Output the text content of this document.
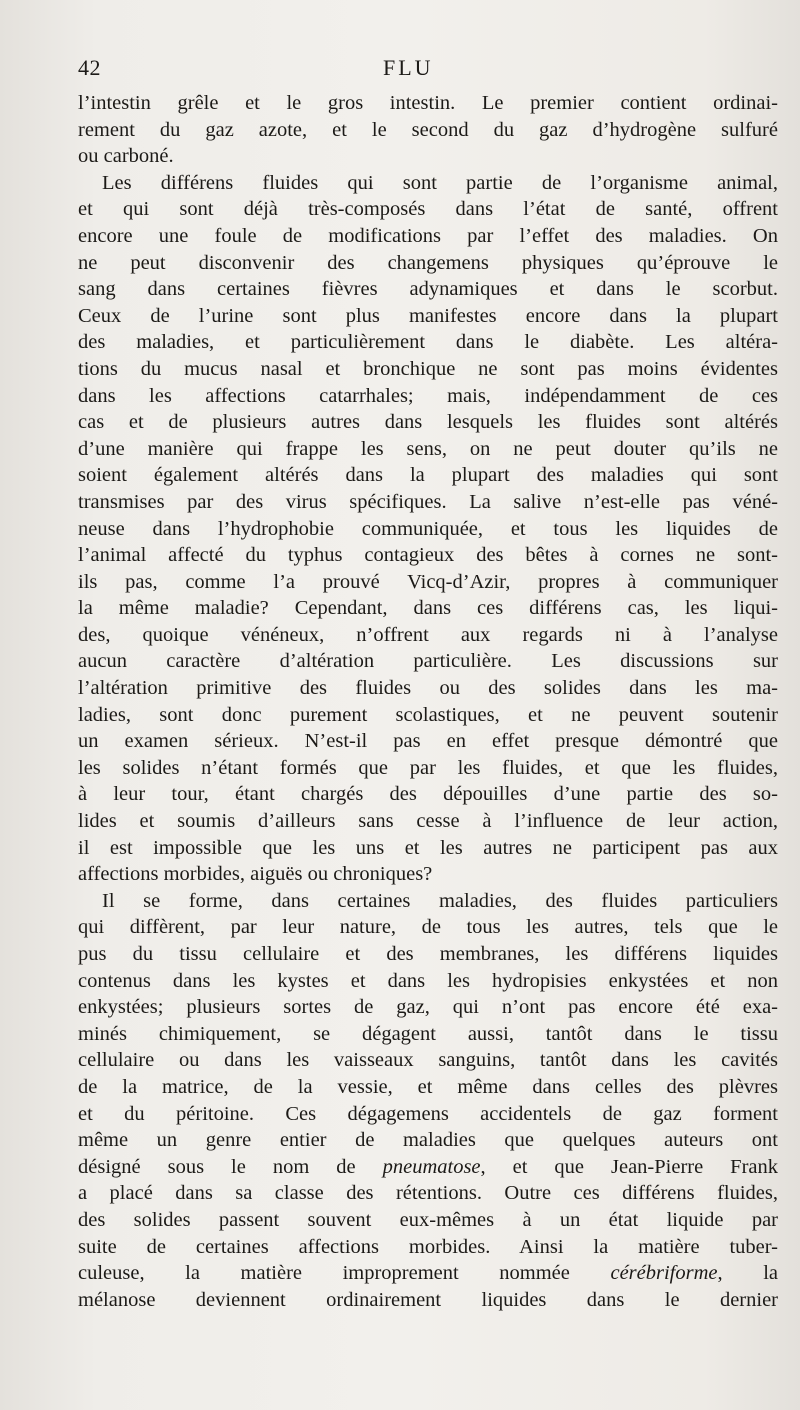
42	FLU
l’intestin grêle et le gros intestin. Le premier contient ordinai-
rement du gaz azote, et le second du gaz d’hydrogène sulfuré
ou carboné.
Les différens fluides qui sont partie de l’organisme animal,
et qui sont déjà très-composés dans l’état de santé, offrent
encore une foule de modifications par l’effet des maladies. On
ne peut disconvenir des changemens physiques qu’éprouve le
sang dans certaines fièvres adynamiques et dans le scorbut.
Ceux de l’urine sont plus manifestes encore dans la plupart
des maladies, et particulièrement dans le diabète. Les altéra-
tions du mucus nasal et bronchique ne sont pas moins évidentes
dans les affections catarrhales; mais, indépendamment de ces
cas et de plusieurs autres dans lesquels les fluides sont altérés
d’une manière qui frappe les sens, on ne peut douter qu’ils ne
soient également altérés dans la plupart des maladies qui sont
transmises par des virus spécifiques. La salive n’est-elle pas véné-
neuse dans l’hydrophobie communiquée, et tous les liquides de
l’animal affecté du typhus contagieux des bêtes à cornes ne sont-
ils pas, comme l’a prouvé Vicq-d’Azir, propres à communiquer
la même maladie? Cependant, dans ces différens cas, les liqui-
des, quoique vénéneux, n’offrent aux regards ni à l’analyse
aucun caractère d’altération particulière. Les discussions sur
l’altération primitive des fluides ou des solides dans les ma-
ladies, sont donc purement scolastiques, et ne peuvent soutenir
un examen sérieux. N’est-il pas en effet presque démontré que
les solides n’étant formés que par les fluides, et que les fluides,
à leur tour, étant chargés des dépouilles d’une partie des so-
lides et soumis d’ailleurs sans cesse à l’influence de leur action,
il est impossible que les uns et les autres ne participent pas aux
affections morbides, aiguës ou chroniques?
Il se forme, dans certaines maladies, des fluides particuliers
qui diffèrent, par leur nature, de tous les autres, tels que le
pus du tissu cellulaire et des membranes, les différens liquides
contenus dans les kystes et dans les hydropisies enkystées et non
enkystées; plusieurs sortes de gaz, qui n’ont pas encore été exa-
minés chimiquement, se dégagent aussi, tantôt dans le tissu
cellulaire ou dans les vaisseaux sanguins, tantôt dans les cavités
de la matrice, de la vessie, et même dans celles des plèvres
et du péritoine. Ces dégagemens accidentels de gaz forment
même un genre entier de maladies que quelques auteurs ont
désigné sous le nom de pneumatose, et que Jean-Pierre Frank
a placé dans sa classe des rétentions. Outre ces différens fluides,
des solides passent souvent eux-mêmes à un état liquide par
suite de certaines affections morbides. Ainsi la matière tuber-
culeuse, la matière improprement nommée cérébriforme, la
mélanose deviennent ordinairement liquides dans le dernier
